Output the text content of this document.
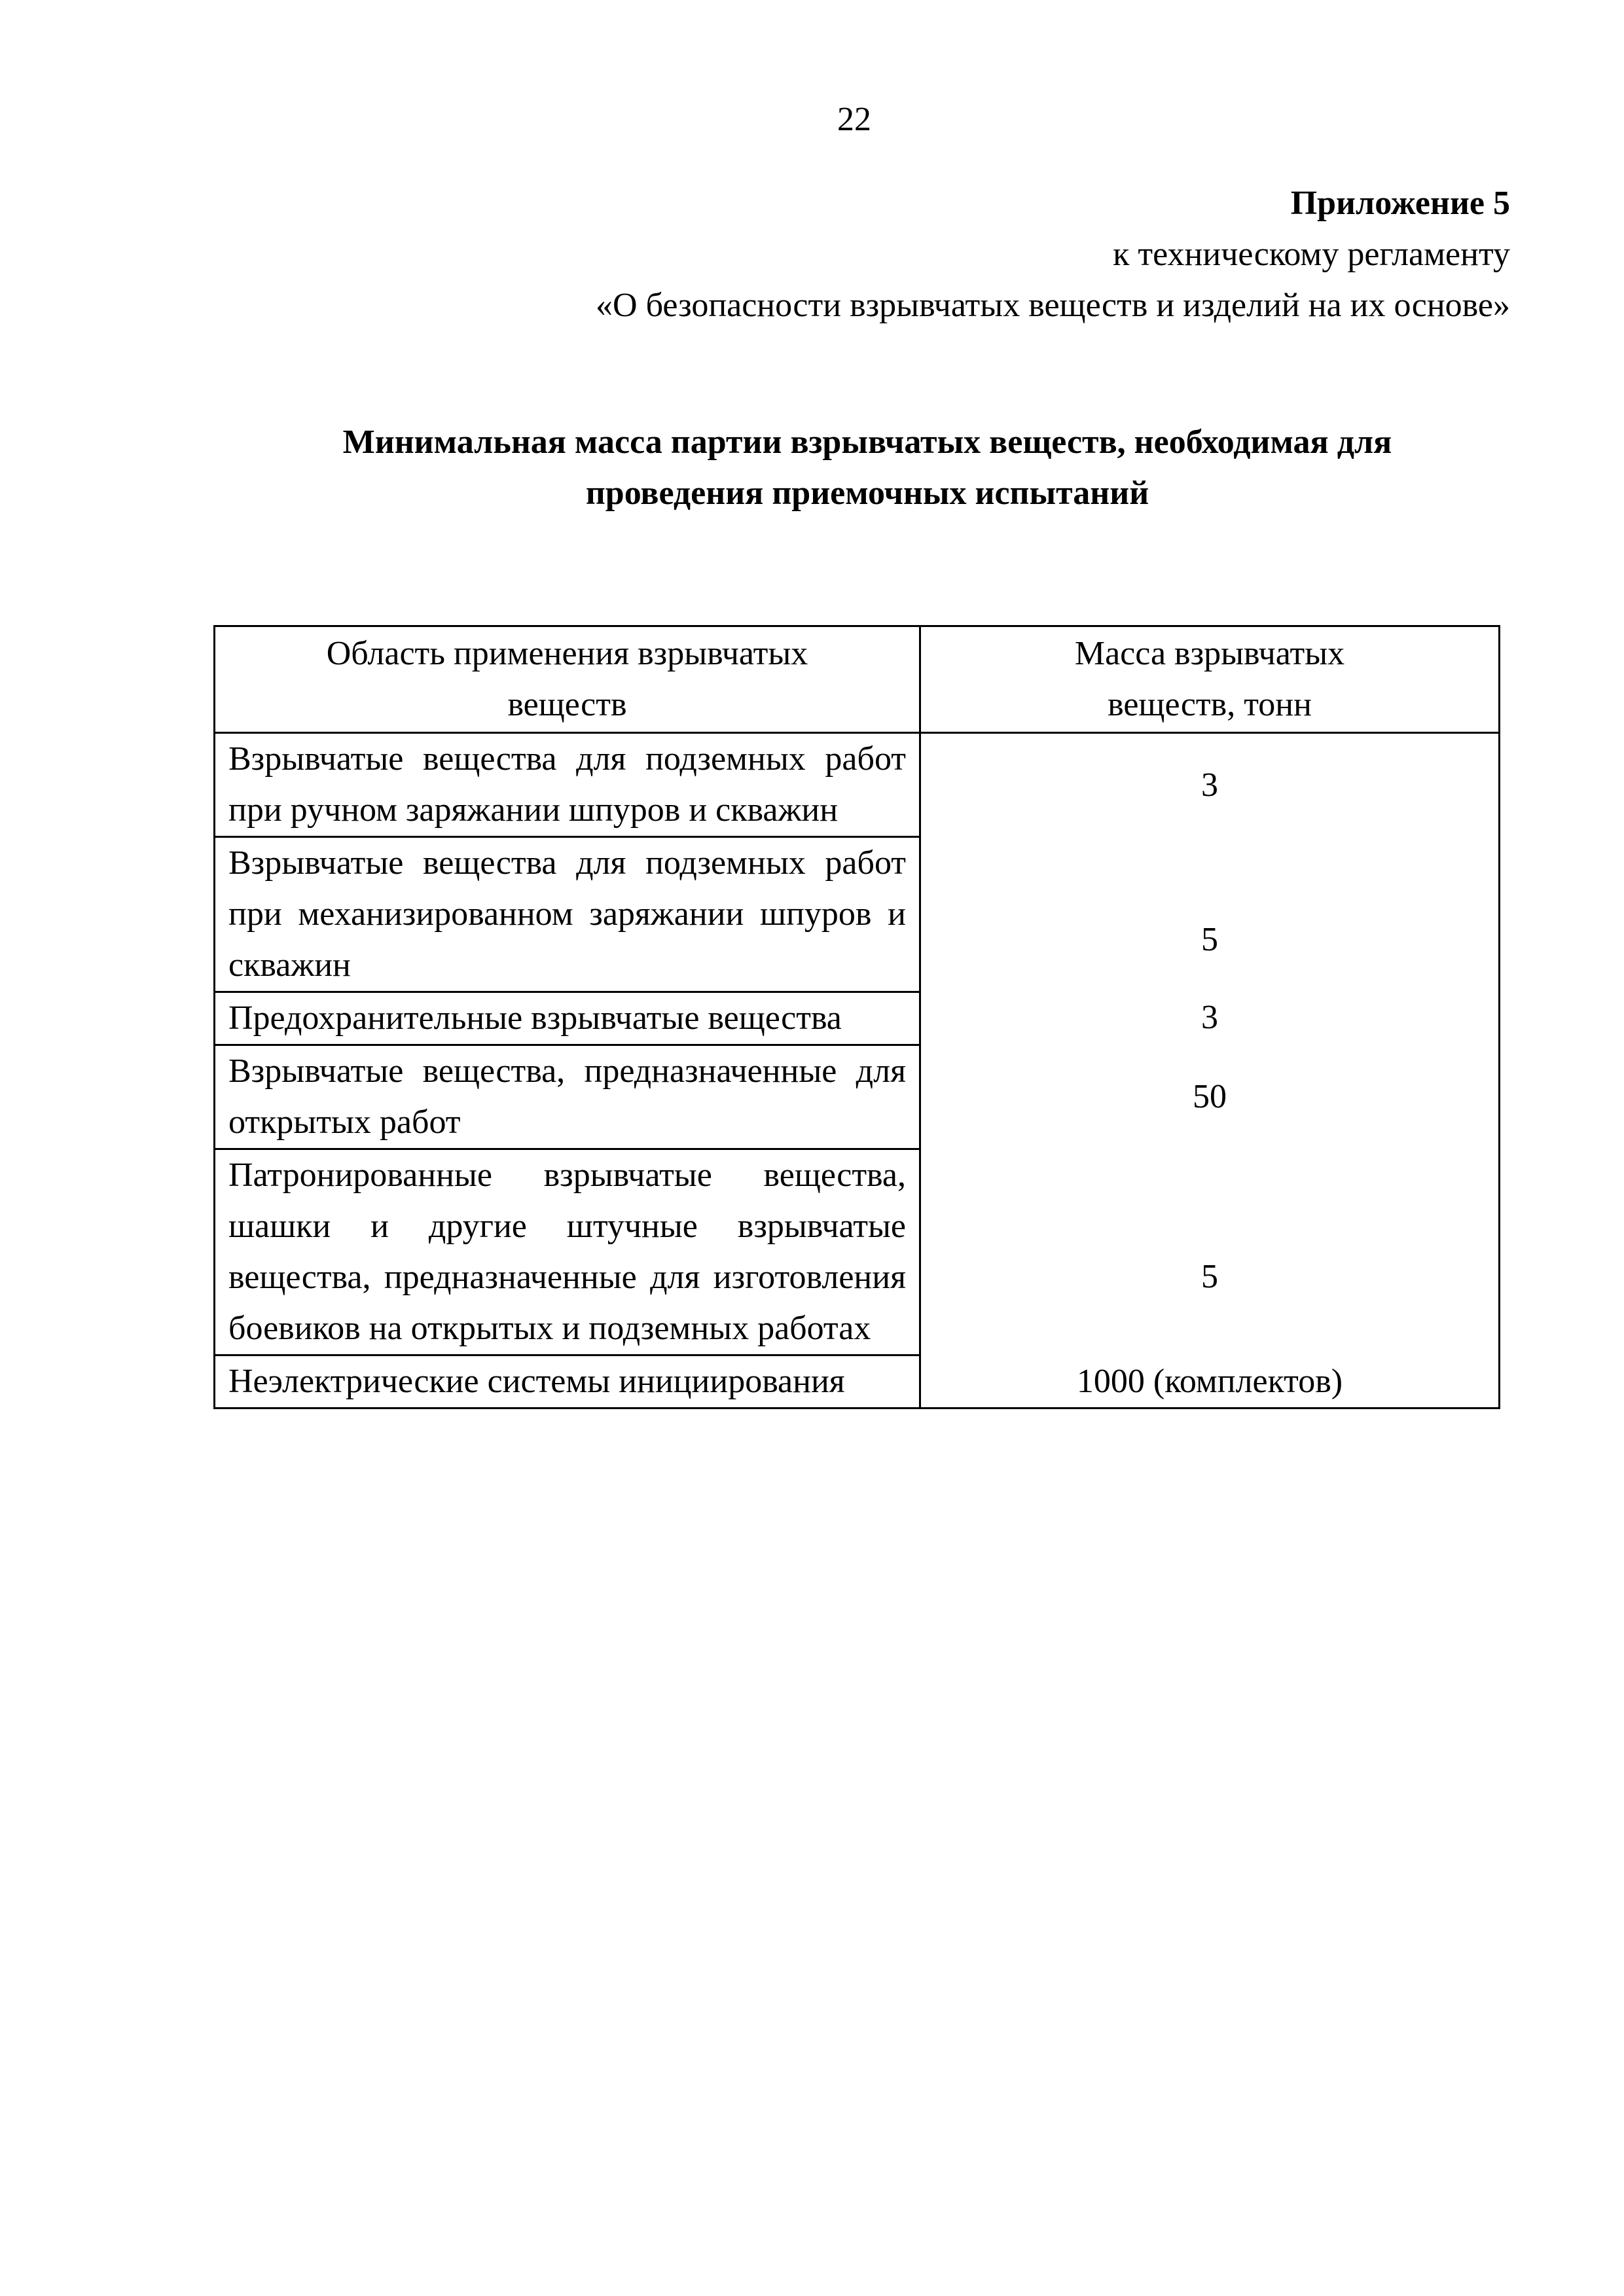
22
Приложение 5
к техническому регламенту
«О безопасности взрывчатых веществ и изделий на их основе»
Минимальная масса партии взрывчатых веществ, необходимая для
проведения приемочных испытаний
Область применения взрывчатых веществ	Масса взрывчатых веществ, тонн
Взрывчатые вещества для подземных работ при ручном заряжании шпуров и скважин	3
Взрывчатые вещества для подземных работ при механизированном заряжании шпуров и скважин	5
Предохранительные взрывчатые вещества	3
Взрывчатые вещества, предназначенные для открытых работ	50
Патронированные взрывчатые вещества, шашки и другие штучные взрывчатые вещества, предназначенные для изготовления боевиков на открытых и подземных работах	5
Неэлектрические системы инициирования	1000 (комплектов)
